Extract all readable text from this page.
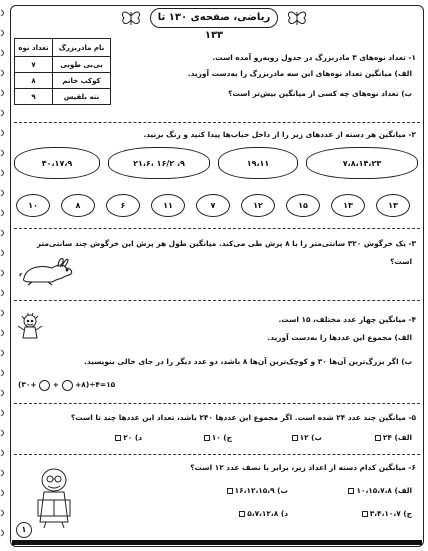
ریاضی، صفحه‌ی ۱۳۰ تا ۱۳۳
نام مادربزرگ	تعداد نوه
بی‌بی طوبی	۷
کوکب خانم	۸
ننه بلقیس	۹
۱- تعداد نوه‌های ۳ مادربزرگ در جدول روبه‌رو آمده است.
الف) میانگین تعداد نوه‌های این سه مادربزرگ را به‌دست آورید.
ب) تعداد نوه‌های چه کسی از میانگین بیش‌تر است؟
۲- میانگین هر دسته از عددهای زیر را از داخل حباب‌ها پیدا کنید و رنگ بزنید.
۴۰،۱۷،۹	۹، ۱۶/۲ ،۲۱،۶	۱۹،۱۱	۷،۸،۱۴،۲۳
۱۰	۸	۶	۱۱	۷	۱۲	۱۵	۱۳	۱۳
۳- یک خرگوش ۳۲۰ سانتی‌متر را با ۸ پرش طی می‌کند. میانگین طول هر پرش این خرگوش چند سانتی‌متر
است؟
۴- میانگین چهار عدد مختلف، ۱۵ است.
الف) مجموع این عددها را به‌دست آورید.
ب) اگر بزرگ‌ترین آن‌ها ۳۰ و کوچک‌ترین آن‌ها ۸ باشد، دو عدد دیگر را در جای خالی بنویسید.
(۳۰+ + +۸)÷۴=۱۵
۵- میانگین چند عدد ۲۴ شده است. اگر مجموع این عددها ۲۴۰ باشد، تعداد این عددها چند تا است؟
الف) ۲۴
ب) ۱۲
ج) ۱۰
د) ۲۰
۶- میانگین کدام دسته از اعداد زیر، برابر با نصف عدد ۱۲ است؟
الف) ۱۰،۱۵،۷،۸
ب) ۱۶،۱۲،۱۵،۹
ج) ۳،۴،۱۰،۷
د) ۵،۷،۱۲،۸
۱
